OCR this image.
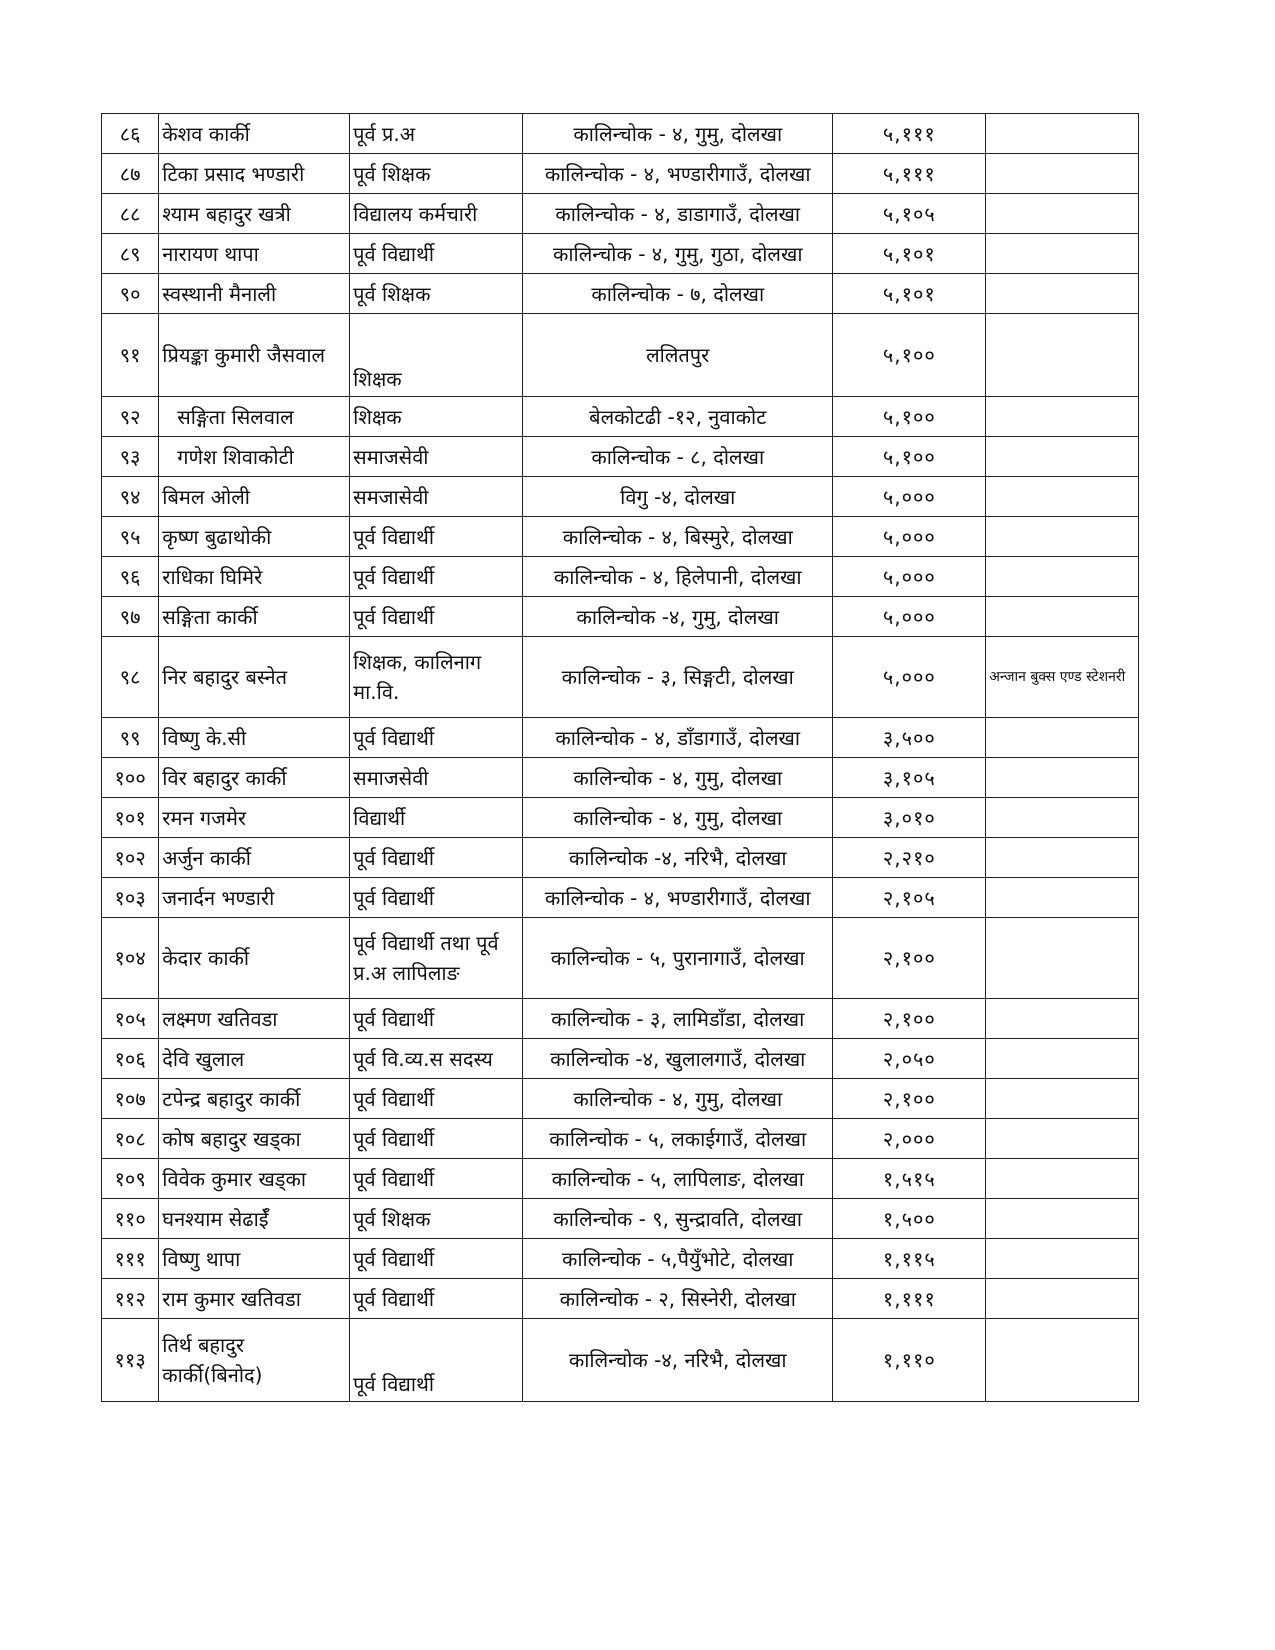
८६	केशव कार्की	पूर्व प्र.अ	कालिन्चोक - ४, गुमु, दोलखा	५,१११	
८७	टिका प्रसाद भण्डारी	पूर्व शिक्षक	कालिन्चोक - ४, भण्डारीगाउँ, दोलखा	५,१११	
८८	श्याम बहादुर खत्री	विद्यालय कर्मचारी	कालिन्चोक - ४, डाडागाउँ, दोलखा	५,१०५	
८९	नारायण थापा	पूर्व विद्यार्थी	कालिन्चोक - ४, गुमु, गुठा, दोलखा	५,१०१	
९०	स्वस्थानी मैनाली	पूर्व शिक्षक	कालिन्चोक - ७, दोलखा	५,१०१	
९१	प्रियङ्का कुमारी जैसवाल	शिक्षक	ललितपुर	५,१००	
९२	सङ्गिता सिलवाल	शिक्षक	बेलकोटढी -१२, नुवाकोट	५,१००	
९३	गणेश शिवाकोटी	समाजसेवी	कालिन्चोक - ८, दोलखा	५,१००	
९४	बिमल ओली	समजासेवी	विगु -४, दोलखा	५,०००	
९५	कृष्ण बुढाथोकी	पूर्व विद्यार्थी	कालिन्चोक - ४, बिस्मुरे, दोलखा	५,०००	
९६	राधिका घिमिरे	पूर्व विद्यार्थी	कालिन्चोक - ४, हिलेपानी, दोलखा	५,०००	
९७	सङ्गिता कार्की	पूर्व विद्यार्थी	कालिन्चोक -४, गुमु, दोलखा	५,०००	
९८	निर बहादुर बस्नेत	शिक्षक, कालिनाग मा.वि.	कालिन्चोक - ३, सिङ्गटी, दोलखा	५,०००	अन्जान बुक्स एण्ड स्टेशनरी
९९	विष्णु के.सी	पूर्व विद्यार्थी	कालिन्चोक - ४, डाँडागाउँ, दोलखा	३,५००	
१००	विर बहादुर कार्की	समाजसेवी	कालिन्चोक - ४, गुमु, दोलखा	३,१०५	
१०१	रमन गजमेर	विद्यार्थी	कालिन्चोक - ४, गुमु, दोलखा	३,०१०	
१०२	अर्जुन कार्की	पूर्व विद्यार्थी	कालिन्चोक -४, नरिभै, दोलखा	२,२१०	
१०३	जनार्दन भण्डारी	पूर्व विद्यार्थी	कालिन्चोक - ४, भण्डारीगाउँ, दोलखा	२,१०५	
१०४	केदार कार्की	पूर्व विद्यार्थी तथा पूर्व प्र.अ लापिलाङ	कालिन्चोक - ५, पुरानागाउँ, दोलखा	२,१००	
१०५	लक्ष्मण खतिवडा	पूर्व विद्यार्थी	कालिन्चोक - ३, लामिडाँडा, दोलखा	२,१००	
१०६	देवि खुलाल	पूर्व वि.व्य.स सदस्य	कालिन्चोक -४, खुलालगाउँ, दोलखा	२,०५०	
१०७	टपेन्द्र बहादुर कार्की	पूर्व विद्यार्थी	कालिन्चोक - ४, गुमु, दोलखा	२,१००	
१०८	कोष बहादुर खड्का	पूर्व विद्यार्थी	कालिन्चोक - ५, लकाईगाउँ, दोलखा	२,०००	
१०९	विवेक कुमार खड्का	पूर्व विद्यार्थी	कालिन्चोक - ५, लापिलाङ, दोलखा	१,५१५	
११०	घनश्याम सेढाईँ	पूर्व शिक्षक	कालिन्चोक - ९, सुन्द्रावति, दोलखा	१,५००	
१११	विष्णु थापा	पूर्व विद्यार्थी	कालिन्चोक - ५,पैयुँभोटे, दोलखा	१,११५	
११२	राम कुमार खतिवडा	पूर्व विद्यार्थी	कालिन्चोक - २, सिस्नेरी, दोलखा	१,१११	
११३	तिर्थ बहादुर कार्की(बिनोद)	पूर्व विद्यार्थी	कालिन्चोक -४, नरिभै, दोलखा	१,११०	
